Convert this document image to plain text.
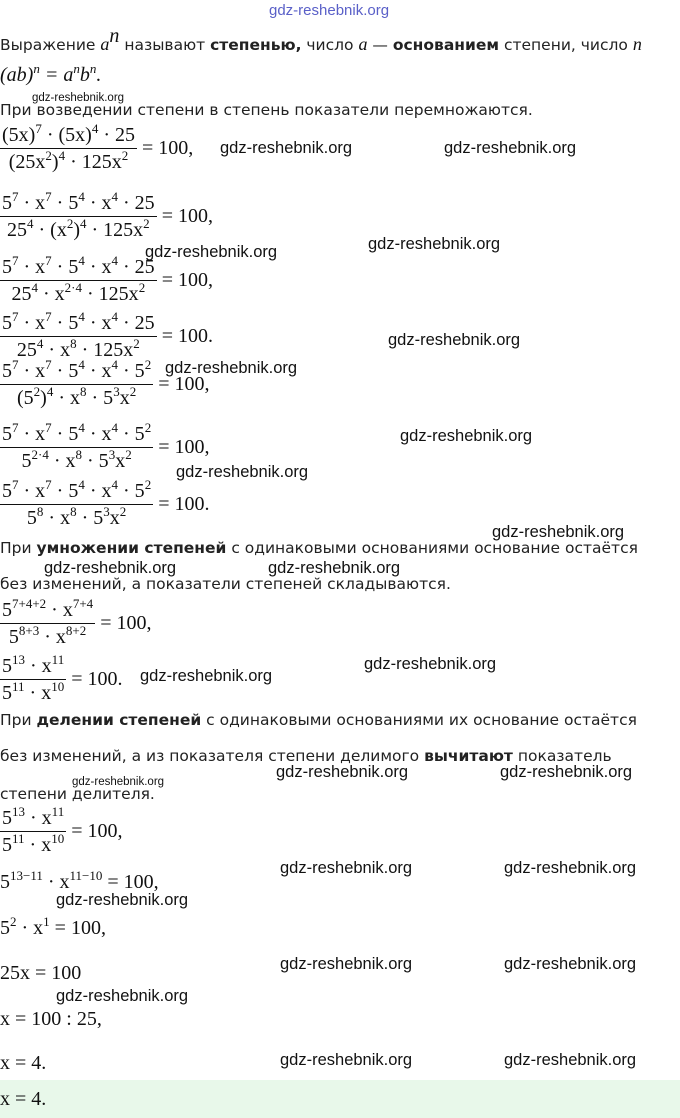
gdz-reshebnik.org
Выражение $a^n$ называют степенью, число a — основанием степени, число n
$(ab)^n = a^nb^n$.
При возведении степени в степень показатели перемножаются.
$\frac{(5x)^7 \cdot (5x)^4 \cdot 25}{(25x^2)^4 \cdot 125x^2} = 100$,
$\frac{5^7 \cdot x^7 \cdot 5^4 \cdot x^4 \cdot 25}{25^4 \cdot (x^2)^4 \cdot 125x^2} = 100$,
$\frac{5^7 \cdot x^7 \cdot 5^4 \cdot x^4 \cdot 25}{25^4 \cdot x^{2\cdot 4} \cdot 125x^2} = 100$,
$\frac{5^7 \cdot x^7 \cdot 5^4 \cdot x^4 \cdot 25}{25^4 \cdot x^8 \cdot 125x^2} = 100$.
$\frac{5^7 \cdot x^7 \cdot 5^4 \cdot x^4 \cdot 5^2}{(5^2)^4 \cdot x^8 \cdot 5^3x^2} = 100$,
$\frac{5^7 \cdot x^7 \cdot 5^4 \cdot x^4 \cdot 5^2}{5^{2\cdot 4} \cdot x^8 \cdot 5^3x^2} = 100$,
$\frac{5^7 \cdot x^7 \cdot 5^4 \cdot x^4 \cdot 5^2}{5^8 \cdot x^8 \cdot 5^3x^2} = 100$.
При умножении степеней с одинаковыми основаниями основание остаётся
без изменений, а показатели степеней складываются.
$\frac{5^{7+4+2} \cdot x^{7+4}}{5^{8+3} \cdot x^{8+2}} = 100$,
$\frac{5^{13} \cdot x^{11}}{5^{11} \cdot x^{10}} = 100$.
При делении степеней с одинаковыми основаниями их основание остаётся
без изменений, а из показателя степени делимого вычитают показатель
степени делителя.
$\frac{5^{13} \cdot x^{11}}{5^{11} \cdot x^{10}} = 100$,
$5^{13-11} \cdot x^{11-10} = 100$,
$5^2 \cdot x^1 = 100$,
25x = 100
x = 100 : 25,
x = 4.
x = 4.
gdz-reshebnik.org
gdz-reshebnik.org	gdz-reshebnik.org
gdz-reshebnik.org
gdz-reshebnik.org
gdz-reshebnik.org
gdz-reshebnik.org
gdz-reshebnik.org
gdz-reshebnik.org
gdz-reshebnik.org
gdz-reshebnik.org	gdz-reshebnik.org
gdz-reshebnik.org
gdz-reshebnik.org
gdz-reshebnik.org
gdz-reshebnik.org	gdz-reshebnik.org
gdz-reshebnik.org	gdz-reshebnik.org
gdz-reshebnik.org
gdz-reshebnik.org	gdz-reshebnik.org
gdz-reshebnik.org
gdz-reshebnik.org	gdz-reshebnik.org
